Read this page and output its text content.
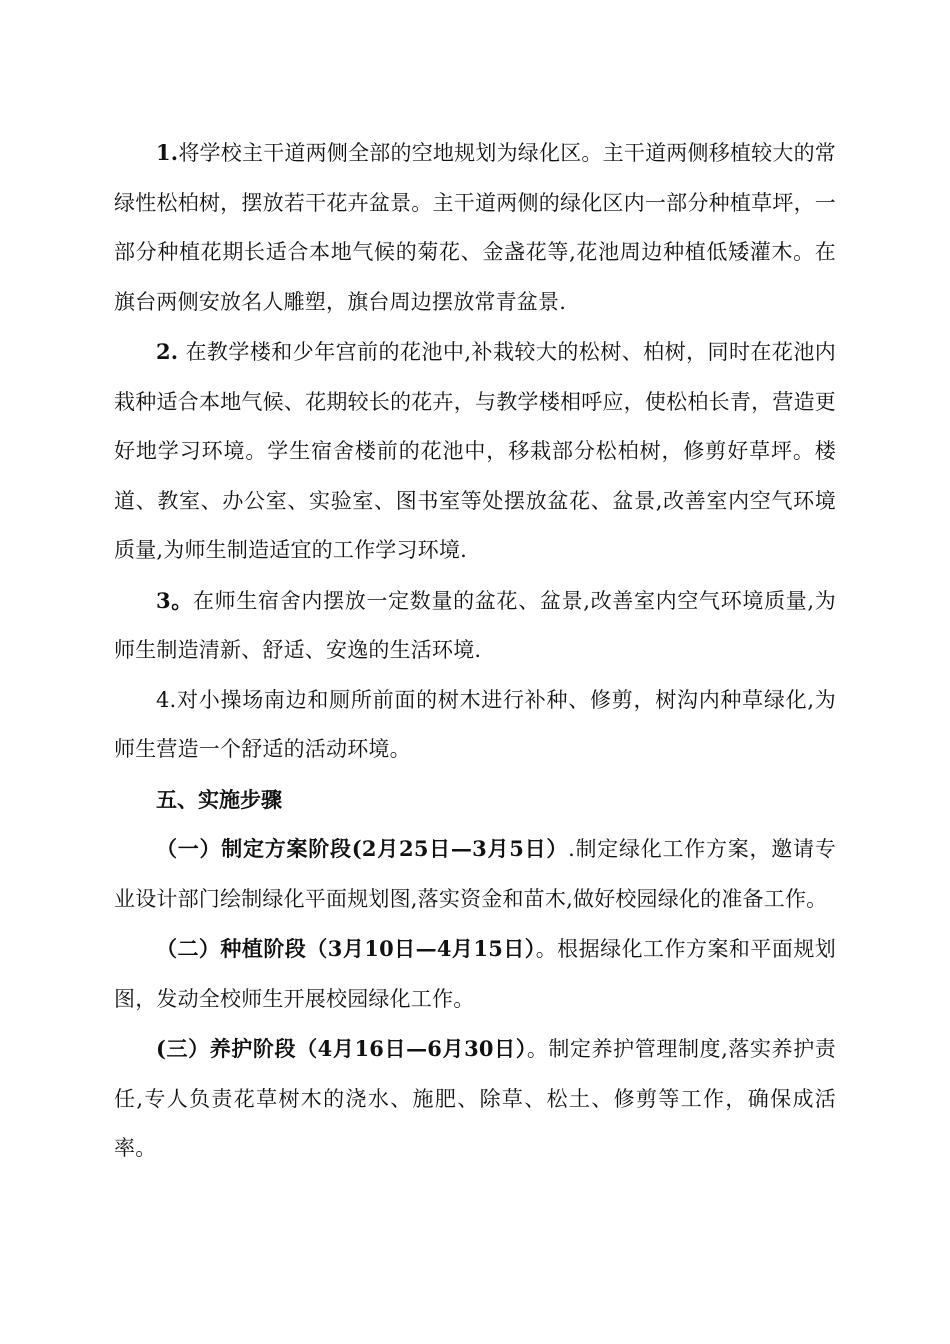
1.将学校主干道两侧全部的空地规划为绿化区。主干道两侧移植较大的常绿性松柏树，摆放若干花卉盆景。主干道两侧的绿化区内一部分种植草坪，一部分种植花期长适合本地气候的菊花、金盏花等,花池周边种植低矮灌木。在旗台两侧安放名人雕塑，旗台周边摆放常青盆景.

2. 在教学楼和少年宫前的花池中,补栽较大的松树、柏树，同时在花池内栽种适合本地气候、花期较长的花卉，与教学楼相呼应，使松柏长青，营造更好地学习环境。学生宿舍楼前的花池中，移栽部分松柏树，修剪好草坪。楼道、教室、办公室、实验室、图书室等处摆放盆花、盆景,改善室内空气环境质量,为师生制造适宜的工作学习环境.

3。在师生宿舍内摆放一定数量的盆花、盆景,改善室内空气环境质量,为师生制造清新、舒适、安逸的生活环境.

4.对小操场南边和厕所前面的树木进行补种、修剪，树沟内种草绿化,为师生营造一个舒适的活动环境。

五、实施步骤

（一）制定方案阶段(2月25日—3月5日）.制定绿化工作方案，邀请专业设计部门绘制绿化平面规划图,落实资金和苗木,做好校园绿化的准备工作。

（二）种植阶段（3月10日—4月15日）。根据绿化工作方案和平面规划图，发动全校师生开展校园绿化工作。

(三）养护阶段（4月16日—6月30日）。制定养护管理制度,落实养护责任,专人负责花草树木的浇水、施肥、除草、松土、修剪等工作，确保成活率。
